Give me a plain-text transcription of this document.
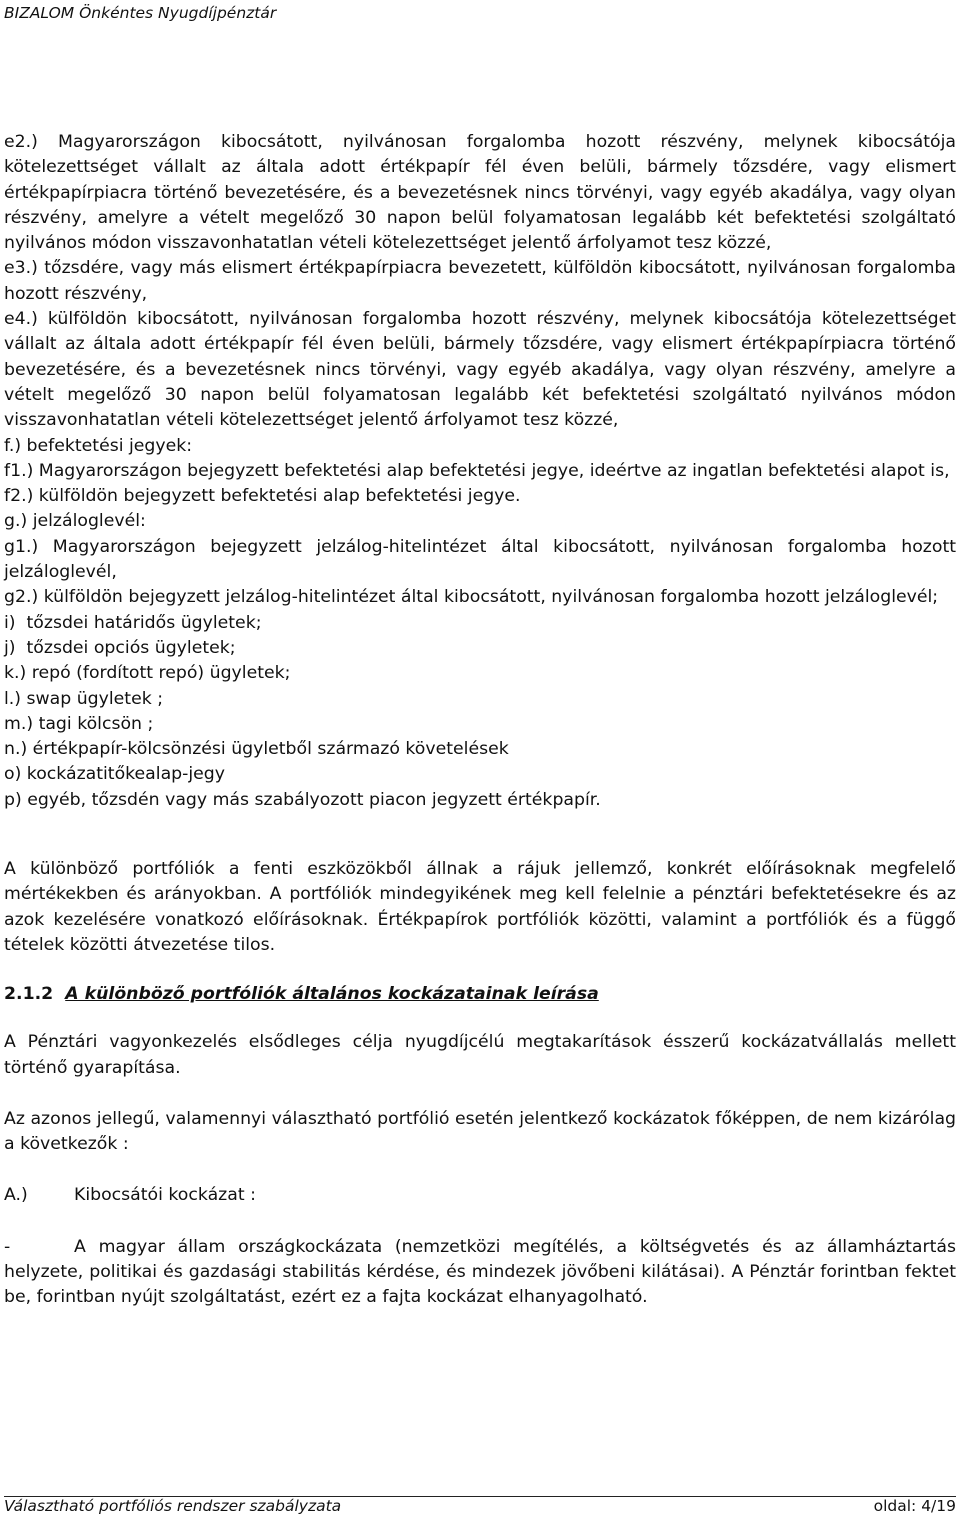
BIZALOM Önkéntes Nyugdíjpénztár

e2.) Magyarországon kibocsátott, nyilvánosan forgalomba hozott részvény, melynek kibocsátója kötelezettséget vállalt az általa adott értékpapír fél éven belüli, bármely tőzsdére, vagy elismert értékpapírpiacra történő bevezetésére, és a bevezetésnek nincs törvényi, vagy egyéb akadálya, vagy olyan részvény, amelyre a vételt megelőző 30 napon belül folyamatosan legalább két befektetési szolgáltató nyilvános módon visszavonhatatlan vételi kötelezettséget jelentő árfolyamot tesz közzé,

e3.) tőzsdére, vagy más elismert értékpapírpiacra bevezetett, külföldön kibocsátott, nyilvánosan forgalomba hozott részvény,

e4.) külföldön kibocsátott, nyilvánosan forgalomba hozott részvény, melynek kibocsátója kötelezettséget vállalt az általa adott értékpapír fél éven belüli, bármely tőzsdére, vagy elismert értékpapírpiacra történő bevezetésére, és a bevezetésnek nincs törvényi, vagy egyéb akadálya, vagy olyan részvény, amelyre a vételt megelőző 30 napon belül folyamatosan legalább két befektetési szolgáltató nyilvános módon visszavonhatatlan vételi kötelezettséget jelentő árfolyamot tesz közzé,

f.) befektetési jegyek:

f1.) Magyarországon bejegyzett befektetési alap befektetési jegye, ideértve az ingatlan befektetési alapot is,

f2.) külföldön bejegyzett befektetési alap befektetési jegye.

g.) jelzáloglevél:

g1.) Magyarországon bejegyzett jelzálog-hitelintézet által kibocsátott, nyilvánosan forgalomba hozott jelzáloglevél,

g2.) külföldön bejegyzett jelzálog-hitelintézet által kibocsátott, nyilvánosan forgalomba hozott jelzáloglevél;

i)  tőzsdei határidős ügyletek;

j)  tőzsdei opciós ügyletek;

k.) repó (fordított repó) ügyletek;

l.) swap ügyletek ;

m.) tagi kölcsön ;

n.) értékpapír-kölcsönzési ügyletből származó követelések

o) kockázatitőkealap-jegy

p) egyéb, tőzsdén vagy más szabályozott piacon jegyzett értékpapír.

A különböző portfóliók a fenti eszközökből állnak a rájuk jellemző, konkrét előírásoknak megfelelő mértékekben és arányokban. A portfóliók mindegyikének meg kell felelnie a pénztári befektetésekre és az azok kezelésére vonatkozó előírásoknak. Értékpapírok portfóliók közötti, valamint a portfóliók és a függő tételek közötti átvezetése tilos.

2.1.2 A különböző portfóliók általános kockázatainak leírása

A Pénztári vagyonkezelés elsődleges célja nyugdíjcélú megtakarítások ésszerű kockázatvállalás mellett történő gyarapítása.

Az azonos jellegű, valamennyi választható portfólió esetén jelentkező kockázatok főképpen, de nem kizárólag a következők :

A.)	Kibocsátói kockázat :

-	A magyar állam országkockázata (nemzetközi megítélés, a költségvetés és az államháztartás helyzete, politikai és gazdasági stabilitás kérdése, és mindezek jövőbeni kilátásai). A Pénztár forintban fektet be, forintban nyújt szolgáltatást, ezért ez a fajta kockázat elhanyagolható.

Választható portfóliós rendszer szabályzata	oldal: 4/19
